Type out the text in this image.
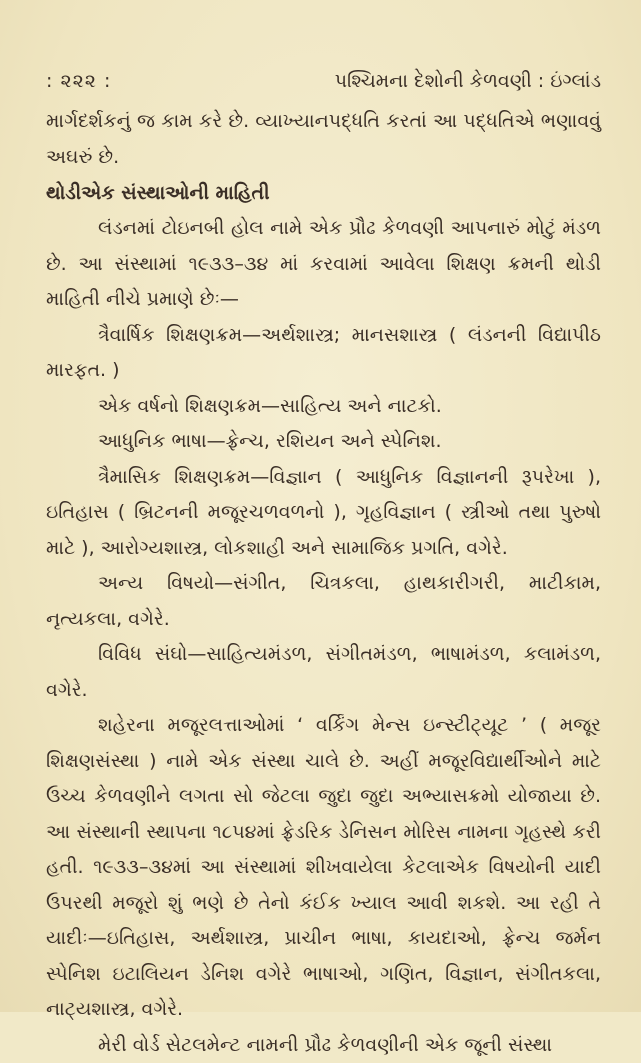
: ૨૨૨ :	પશ્ચિમના દેશોની કેળવણી : ઇંગ્લાંડ

માર્ગદર્શકનું જ કામ કરે છે. વ્યાખ્યાનપદ્ધતિ કરતાં આ પદ્ધતિએ ભણાવવું અઘરું છે.

થોડીએક સંસ્થાઓની માહિતી

લંડનમાં ટોઇનબી હોલ નામે એક પ્રૌઢ કેળવણી આપનારું મોટું મંડળ છે. આ સંસ્થામાં ૧૯૩૩–૩૪ માં કરવામાં આવેલા શિક્ષણ ક્રમની થોડી માહિતી નીચે પ્રમાણે છેઃ—

ત્રૈવાર્ષિક શિક્ષણક્રમ—અર્થશાસ્ત્ર; માનસશાસ્ત્ર ( લંડનની વિદ્યાપીઠ મારફત. )

એક વર્ષનો શિક્ષણક્રમ—સાહિત્ય અને નાટકો.

આધુનિક ભાષા—ફ્રેન્ચ, રશિયન અને સ્પેનિશ.

ત્રૈમાસિક શિક્ષણક્રમ—વિજ્ઞાન ( આધુનિક વિજ્ઞાનની રૂપરેખા ), ઇતિહાસ ( બ્રિટનની મજૂરચળવળનો ), ગૃહવિજ્ઞાન ( સ્ત્રીઓ તથા પુરુષો માટે ), આરોગ્યશાસ્ત્ર, લોકશાહી અને સામાજિક પ્રગતિ, વગેરે.

અન્ય વિષયો—સંગીત, ચિત્રકલા, હાથકારીગરી, માટીકામ, નૃત્યકલા, વગેરે.

વિવિધ સંઘો—સાહિત્યમંડળ, સંગીતમંડળ, ભાષામંડળ, કલામંડળ, વગેરે.

શહેરના મજૂરલત્તાઓમાં ‘ વર્કિંગ મેન્સ ઇન્સ્ટીટ્યૂટ ’ ( મજૂર શિક્ષણસંસ્થા ) નામે એક સંસ્થા ચાલે છે. અહીં મજૂરવિદ્યાર્થીઓને માટે ઉચ્ચ કેળવણીને લગતા સો જેટલા જુદા જુદા અભ્યાસક્રમો યોજાયા છે. આ સંસ્થાની સ્થાપના ૧૮૫૪માં ફ્રેડરિક ડેનિસન મોરિસ નામના ગૃહસ્થે કરી હતી. ૧૯૩૩–૩૪માં આ સંસ્થામાં શીખવાયેલા કેટલાએક વિષયોની યાદી ઉપરથી મજૂરો શું ભણે છે તેનો કંઈક ખ્યાલ આવી શકશે. આ રહી તે યાદીઃ—ઇતિહાસ, અર્થશાસ્ત્ર, પ્રાચીન ભાષા, કાયદાઓ, ફ્રેન્ચ જર્મન સ્પેનિશ ઇટાલિયન ડેનિશ વગેરે ભાષાઓ, ગણિત, વિજ્ઞાન, સંગીતકલા, નાટ્યશાસ્ત્ર, વગેરે.

મેરી વોર્ડ સેટલમેન્ટ નામની પ્રૌઢ કેળવણીની એક જૂની સંસ્થા
